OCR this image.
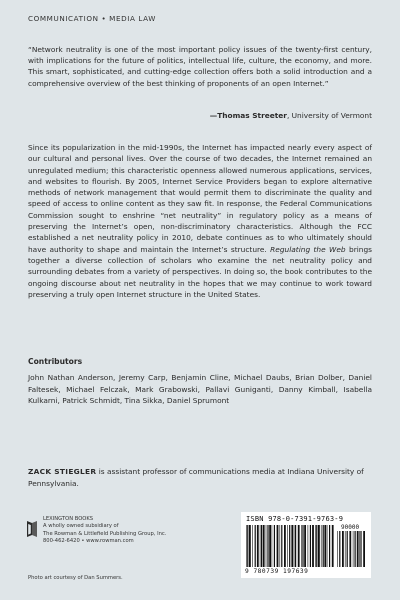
COMMUNICATION • MEDIA LAW
“Network neutrality is one of the most important policy issues of the twenty-first century, with implications for the future of politics, intellectual life, culture, the economy, and more. This smart, sophisticated, and cutting-edge collection offers both a solid introduction and a comprehensive overview of the best thinking of proponents of an open Internet.”
—Thomas Streeter, University of Vermont
Since its popularization in the mid-1990s, the Internet has impacted nearly every aspect of our cultural and personal lives. Over the course of two decades, the Internet remained an unregulated medium; this characteristic openness allowed numerous applications, services, and websites to flourish. By 2005, Internet Service Providers began to explore alternative methods of network management that would permit them to discriminate the quality and speed of access to online content as they saw fit. In response, the Federal Communications Commission sought to enshrine “net neutrality” in regulatory policy as a means of preserving the Internet’s open, non-discriminatory characteristics. Although the FCC established a net neutrality policy in 2010, debate continues as to who ultimately should have authority to shape and maintain the Internet’s structure. Regulating the Web brings together a diverse collection of scholars who examine the net neutrality policy and surrounding debates from a variety of perspectives. In doing so, the book contributes to the ongoing discourse about net neutrality in the hopes that we may continue to work toward preserving a truly open Internet structure in the United States.
Contributors
John Nathan Anderson, Jeremy Carp, Benjamin Cline, Michael Daubs, Brian Dolber, Daniel Faltesek, Michael Felczak, Mark Grabowski, Pallavi Guniganti, Danny Kimball, Isabella Kulkarni, Patrick Schmidt, Tina Sikka, Daniel Sprumont
ZACK STIEGLER is assistant professor of communications media at Indiana University of Pennsylvania.
LEXINGTON BOOKS
A wholly owned subsidiary of
The Rowman & Littlefield Publishing Group, Inc.
800-462-6420 • www.rowman.com
Photo art courtesy of Dan Summers.
ISBN 978-0-7391-9763-9
90000
9 780739 197639
